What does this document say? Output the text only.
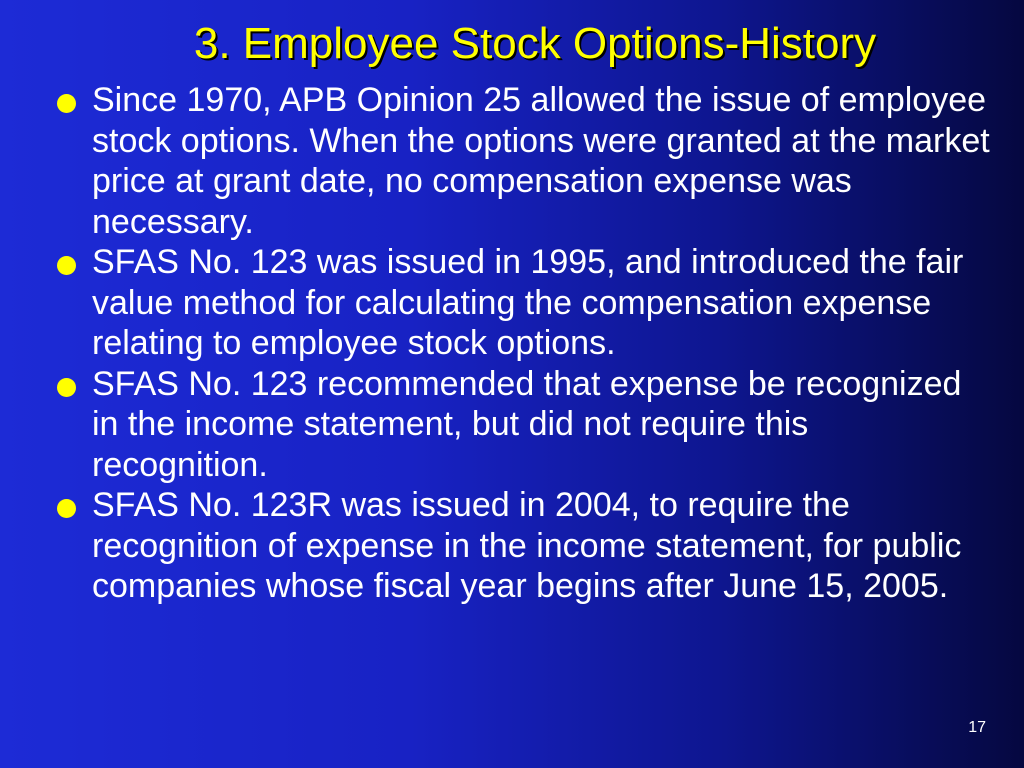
3. Employee Stock Options-History
Since 1970, APB Opinion 25 allowed the issue of employee stock options. When the options were granted at the market price at grant date, no compensation expense was necessary.
SFAS No. 123 was issued in 1995, and introduced the fair value method for calculating the compensation expense relating to employee stock options.
SFAS No. 123 recommended that expense be recognized in the income statement, but did not require this recognition.
SFAS No. 123R was issued in 2004, to require the recognition of expense in the income statement, for public companies whose fiscal year begins after June 15, 2005.
17
